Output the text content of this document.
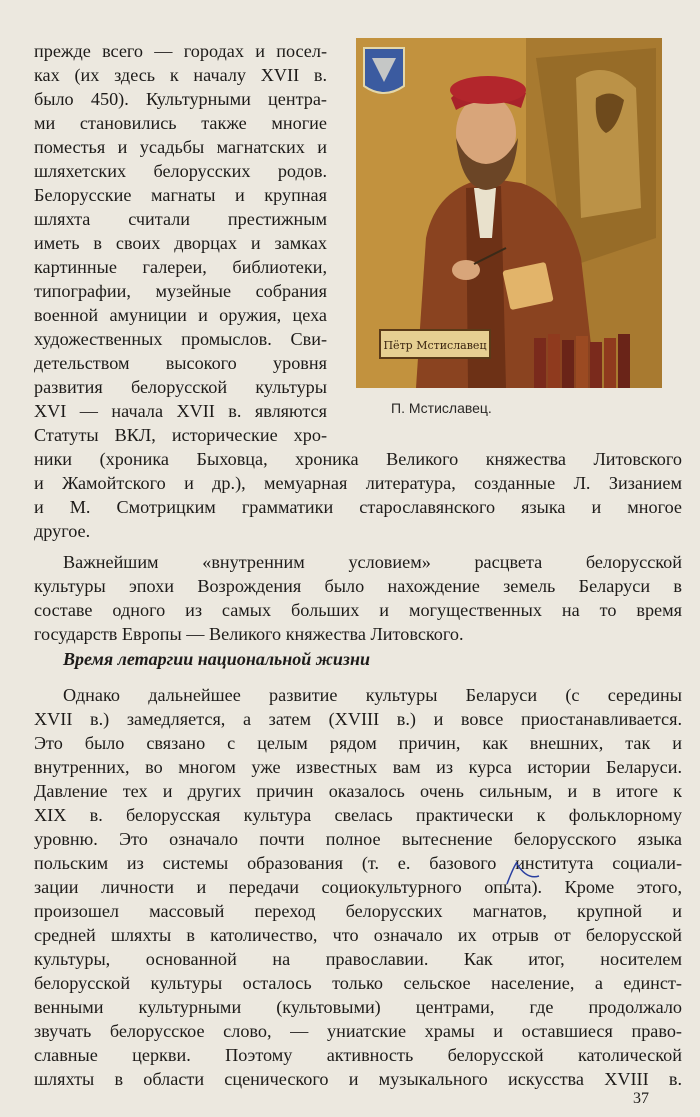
Пётр Мстиславец
П. Мстиславец.
прежде всего — городах и посел-
ках (их здесь к началу XVII в.
было 450). Культурными центра-
ми становились также многие
поместья и усадьбы магнатских и
шляхетских белорусских родов.
Белорусские магнаты и крупная
шляхта считали престижным
иметь в своих дворцах и замках
картинные галереи, библиотеки,
типографии, музейные собрания
военной амуниции и оружия, цеха
художественных промыслов. Сви-
детельством высокого уровня
развития белорусской культуры
XVI — начала XVII в. являются
Статуты ВКЛ, исторические хро-
ники (хроника Быховца, хроника Великого княжества Литовского
и Жамойтского и др.), мемуарная литература, созданные Л. Зизанием
и М. Смотрицким грамматики старославянского языка и многое
другое.
Важнейшим «внутренним условием» расцвета белорусской
культуры эпохи Возрождения было нахождение земель Беларуси в
составе одного из самых больших и могущественных на то время
государств Европы — Великого княжества Литовского.
Время летаргии национальной жизни
Однако дальнейшее развитие культуры Беларуси (с середины
XVII в.) замедляется, а затем (XVIII в.) и вовсе приостанавливается.
Это было связано с целым рядом причин, как внешних, так и
внутренних, во многом уже известных вам из курса истории Беларуси.
Давление тех и других причин оказалось очень сильным, и в итоге к
XIX в. белорусская культура свелась практически к фольклорному
уровню. Это означало почти полное вытеснение белорусского языка
польским из системы образования (т. е. базового института социали-
зации личности и передачи социокультурного опыта). Кроме этого,
произошел массовый переход белорусских магнатов, крупной и
средней шляхты в католичество, что означало их отрыв от белорусской
культуры, основанной на православии. Как итог, носителем
белорусской культуры осталось только сельское население, а единст-
венными культурными (культовыми) центрами, где продолжало
звучать белорусское слово, — униатские храмы и оставшиеся право-
славные церкви. Поэтому активность белорусской католической
шляхты в области сценического и музыкального искусства XVIII в.
37
